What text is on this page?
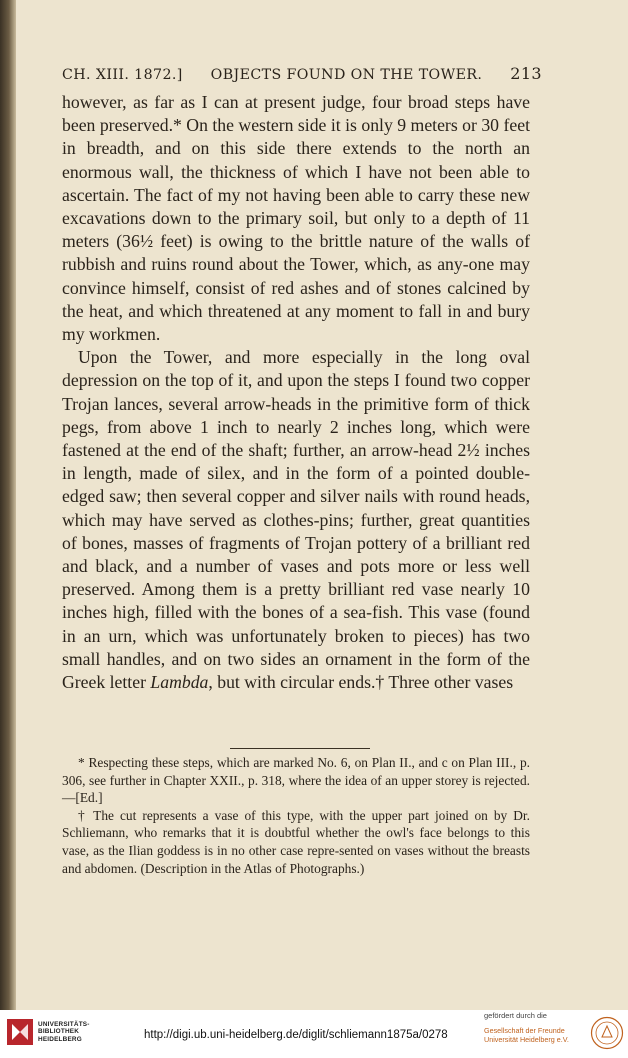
CH. XIII. 1872.]	OBJECTS FOUND ON THE TOWER.	213

however, as far as I can at present judge, four broad steps have been preserved.* On the western side it is only 9 meters or 30 feet in breadth, and on this side there extends to the north an enormous wall, the thickness of which I have not been able to ascertain. The fact of my not having been able to carry these new excavations down to the primary soil, but only to a depth of 11 meters (36½ feet) is owing to the brittle nature of the walls of rubbish and ruins round about the Tower, which, as any-one may convince himself, consist of red ashes and of stones calcined by the heat, and which threatened at any moment to fall in and bury my workmen.

Upon the Tower, and more especially in the long oval depression on the top of it, and upon the steps I found two copper Trojan lances, several arrow-heads in the primitive form of thick pegs, from above 1 inch to nearly 2 inches long, which were fastened at the end of the shaft; further, an arrow-head 2½ inches in length, made of silex, and in the form of a pointed double-edged saw; then several copper and silver nails with round heads, which may have served as clothes-pins; further, great quantities of bones, masses of fragments of Trojan pottery of a brilliant red and black, and a number of vases and pots more or less well preserved. Among them is a pretty brilliant red vase nearly 10 inches high, filled with the bones of a sea-fish. This vase (found in an urn, which was unfortunately broken to pieces) has two small handles, and on two sides an ornament in the form of the Greek letter Lambda, but with circular ends.† Three other vases

* Respecting these steps, which are marked No. 6, on Plan II., and c on Plan III., p. 306, see further in Chapter XXII., p. 318, where the idea of an upper storey is rejected.—[Ed.]

† The cut represents a vase of this type, with the upper part joined on by Dr. Schliemann, who remarks that it is doubtful whether the owl's face belongs to this vase, as the Ilian goddess is in no other case repre-sented on vases without the breasts and abdomen. (Description in the Atlas of Photographs.)

UNIVERSITÄTS-
BIBLIOTHEK
HEIDELBERG	http://digi.ub.uni-heidelberg.de/diglit/schliemann1875a/0278
gefördert durch die
Gesellschaft der Freunde
Universität Heidelberg e.V.
